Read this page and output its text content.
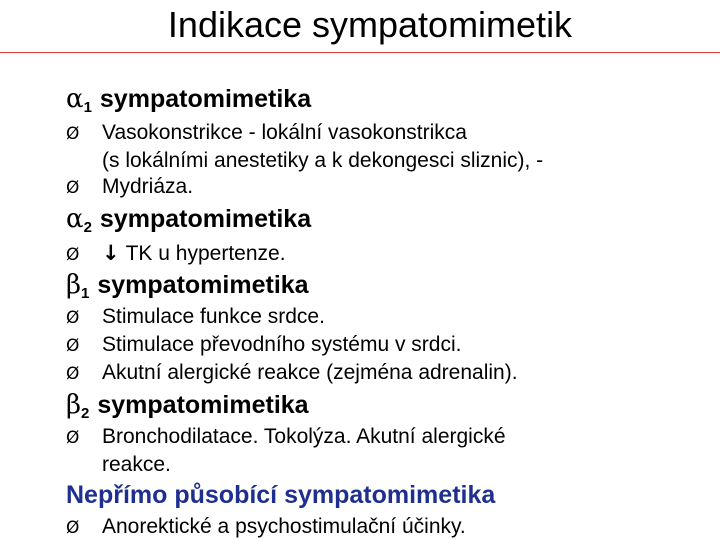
Indikace sympatomimetik
$\alpha_1$ sympatomimetika
Ø Vasokonstrikce - lokální vasokonstrikca
(s lokálními anestetiky a k dekongesci sliznic), -
Ø Mydriáza.
$\alpha_2$ sympatomimetika
Ø ↓ TK u hypertenze.
$\beta_1$ sympatomimetika
Ø Stimulace funkce srdce.
Ø Stimulace převodního systému v srdci.
Ø Akutní alergické reakce (zejména adrenalin).
$\beta_2$ sympatomimetika
Ø Bronchodilatace. Tokolýza. Akutní alergické
reakce.
Nepřímo působící sympatomimetika
Ø Anorektické a psychostimulační účinky.
